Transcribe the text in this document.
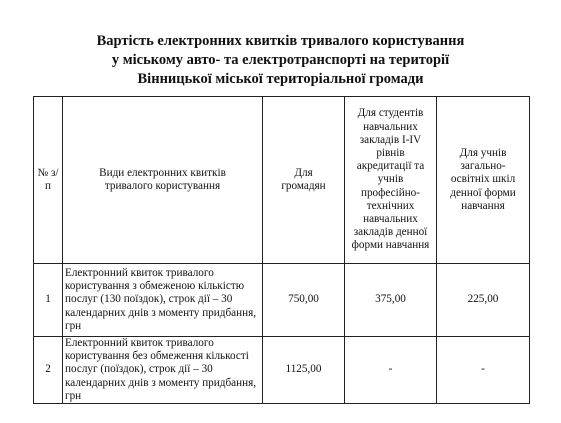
Вартість електронних квитків тривалого користування
у міському авто- та електротранспорті на території
Вінницької міської територіальної громади
№ з/п	Види електронних квитків тривалого користування	Для громадян	Для студентів навчальних закладів І-ІV рівнів акредитації та учнів професійно-технічних навчальних закладів денної форми навчання	Для учнів загально-освітніх шкіл денної форми навчання
1	Електронний квиток тривалого користування з обмеженою кількістю послуг (130 поїздок), строк дії – 30 календарних днів з моменту придбання, грн	750,00	375,00	225,00
2	Електронний квиток тривалого користування без обмеження кількості послуг (поїздок), строк дії – 30 календарних днів з моменту придбання, грн	1125,00	-	-
